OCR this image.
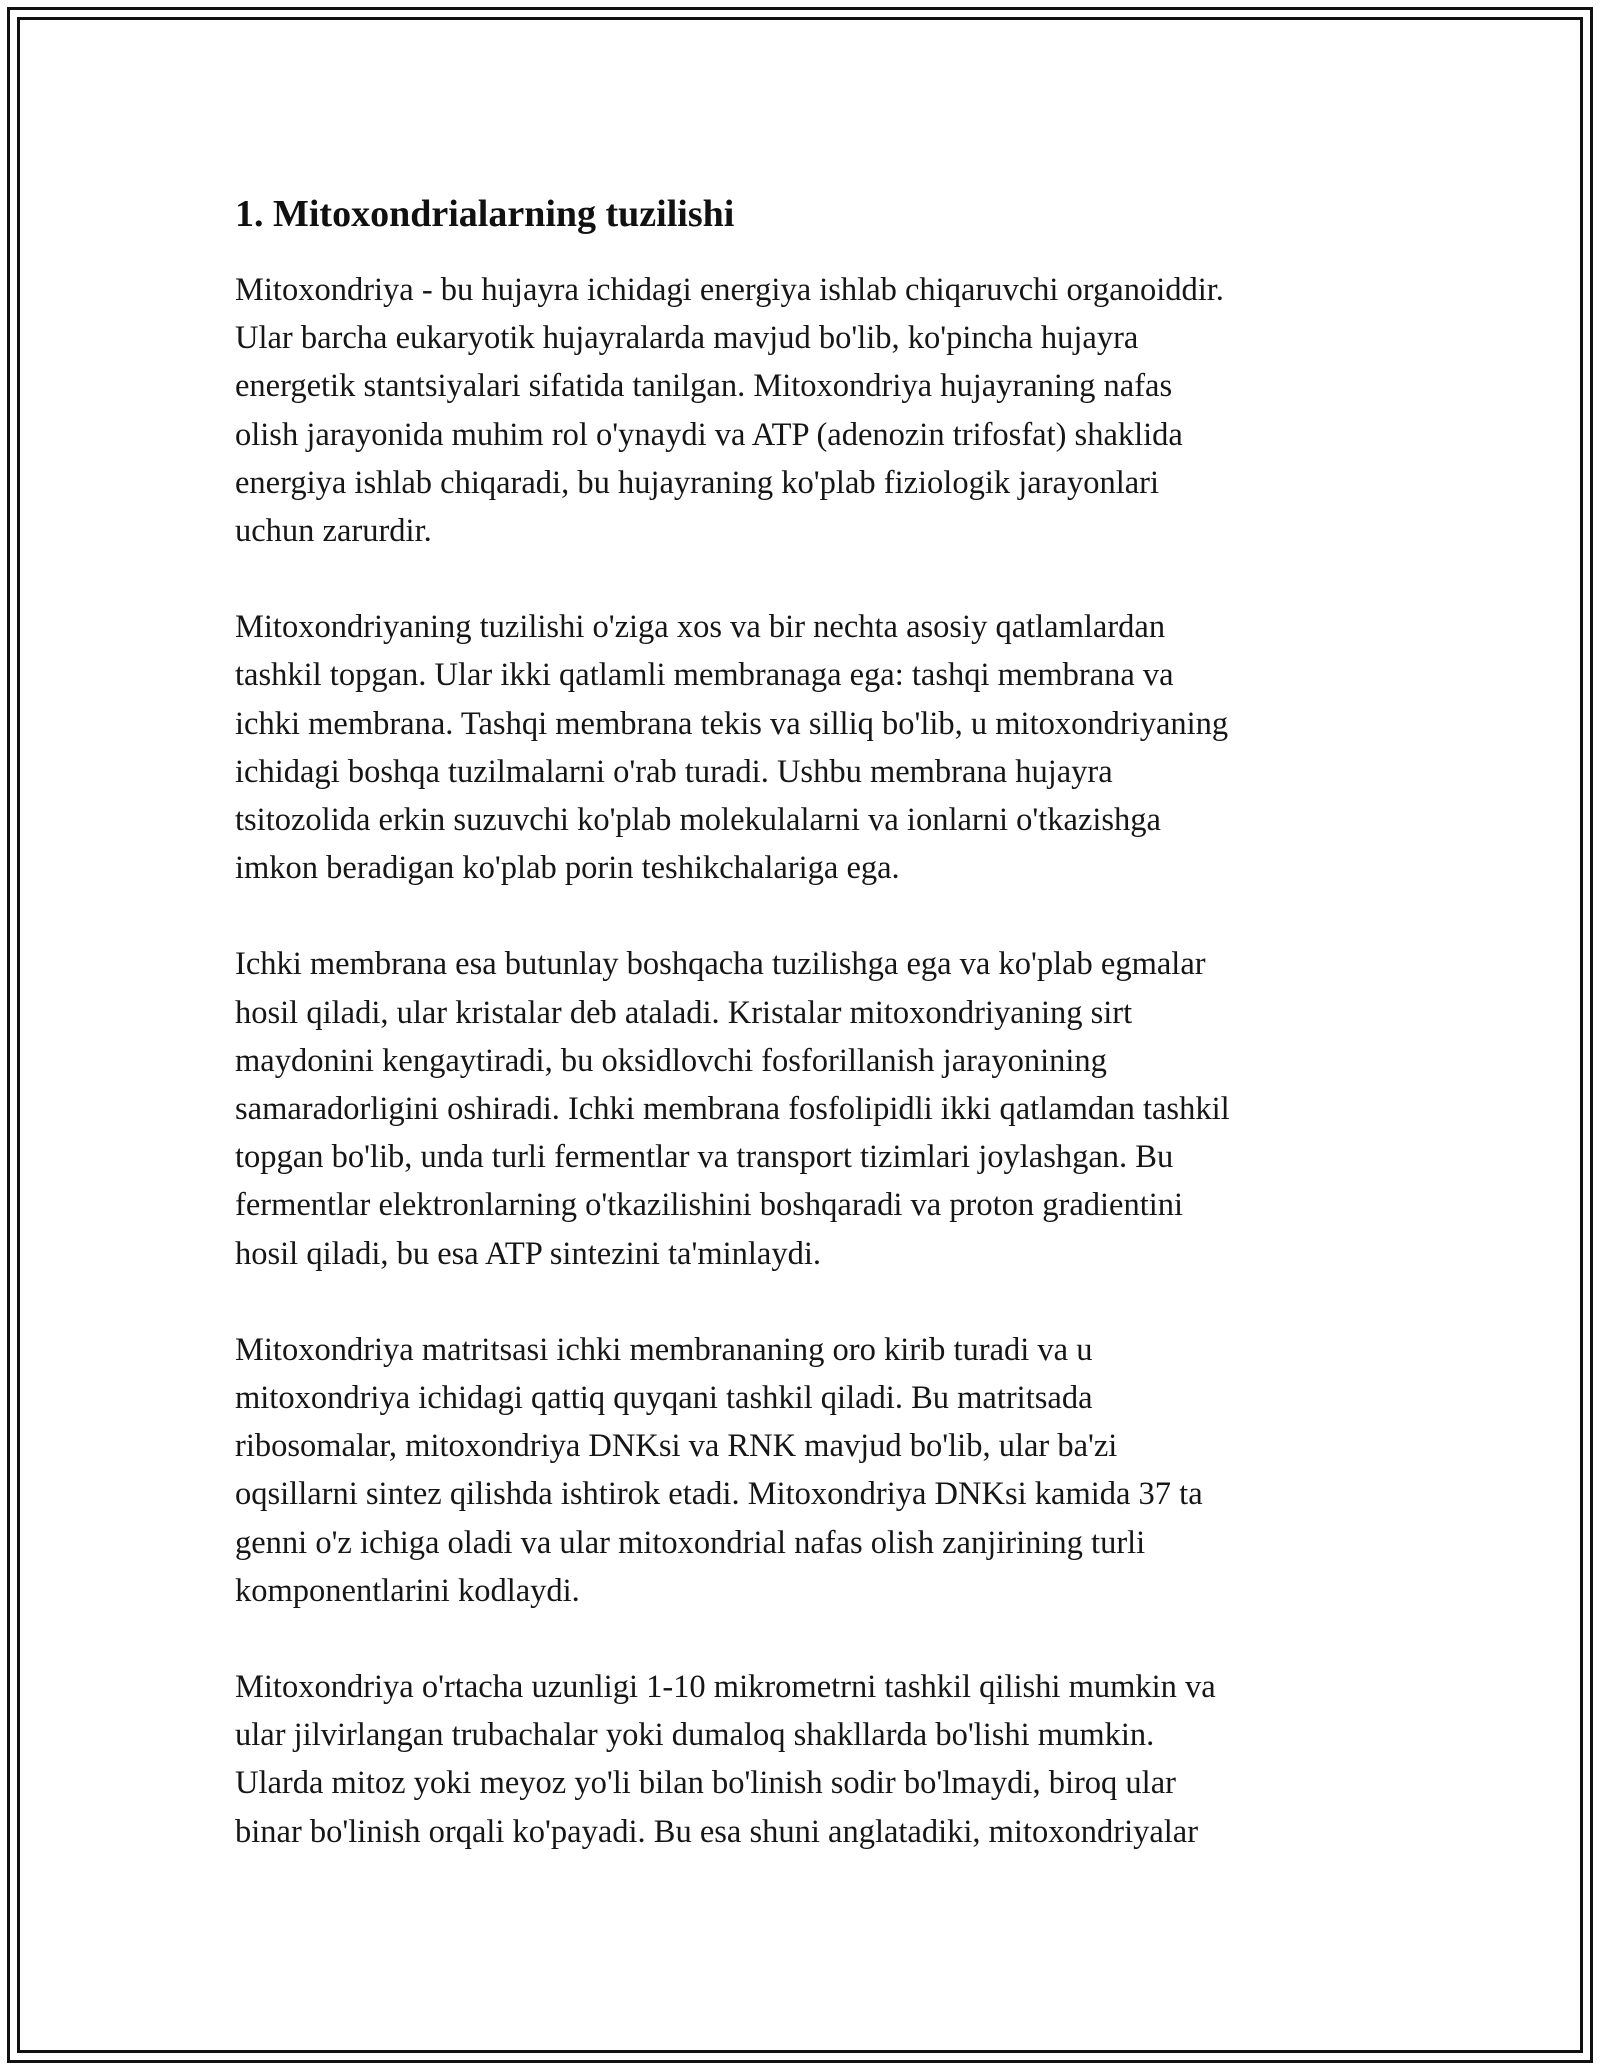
1. Mitoxondrialarning tuzilishi

Mitoxondriya - bu hujayra ichidagi energiya ishlab chiqaruvchi organoiddir.
Ular barcha eukaryotik hujayralarda mavjud bo'lib, ko'pincha hujayra
energetik stantsiyalari sifatida tanilgan. Mitoxondriya hujayraning nafas
olish jarayonida muhim rol o'ynaydi va ATP (adenozin trifosfat) shaklida
energiya ishlab chiqaradi, bu hujayraning ko'plab fiziologik jarayonlari
uchun zarurdir.

Mitoxondriyaning tuzilishi o'ziga xos va bir nechta asosiy qatlamlardan
tashkil topgan. Ular ikki qatlamli membranaga ega: tashqi membrana va
ichki membrana. Tashqi membrana tekis va silliq bo'lib, u mitoxondriyaning
ichidagi boshqa tuzilmalarni o'rab turadi. Ushbu membrana hujayra
tsitozolida erkin suzuvchi ko'plab molekulalarni va ionlarni o'tkazishga
imkon beradigan ko'plab porin teshikchalariga ega.

Ichki membrana esa butunlay boshqacha tuzilishga ega va ko'plab egmalar
hosil qiladi, ular kristalar deb ataladi. Kristalar mitoxondriyaning sirt
maydonini kengaytiradi, bu oksidlovchi fosforillanish jarayonining
samaradorligini oshiradi. Ichki membrana fosfolipidli ikki qatlamdan tashkil
topgan bo'lib, unda turli fermentlar va transport tizimlari joylashgan. Bu
fermentlar elektronlarning o'tkazilishini boshqaradi va proton gradientini
hosil qiladi, bu esa ATP sintezini ta'minlaydi.

Mitoxondriya matritsasi ichki membrananing oro kirib turadi va u
mitoxondriya ichidagi qattiq quyqani tashkil qiladi. Bu matritsada
ribosomalar, mitoxondriya DNKsi va RNK mavjud bo'lib, ular ba'zi
oqsillarni sintez qilishda ishtirok etadi. Mitoxondriya DNKsi kamida 37 ta
genni o'z ichiga oladi va ular mitoxondrial nafas olish zanjirining turli
komponentlarini kodlaydi.

Mitoxondriya o'rtacha uzunligi 1-10 mikrometrni tashkil qilishi mumkin va
ular jilvirlangan trubachalar yoki dumaloq shakllarda bo'lishi mumkin.
Ularda mitoz yoki meyoz yo'li bilan bo'linish sodir bo'lmaydi, biroq ular
binar bo'linish orqali ko'payadi. Bu esa shuni anglatadiki, mitoxondriyalar
